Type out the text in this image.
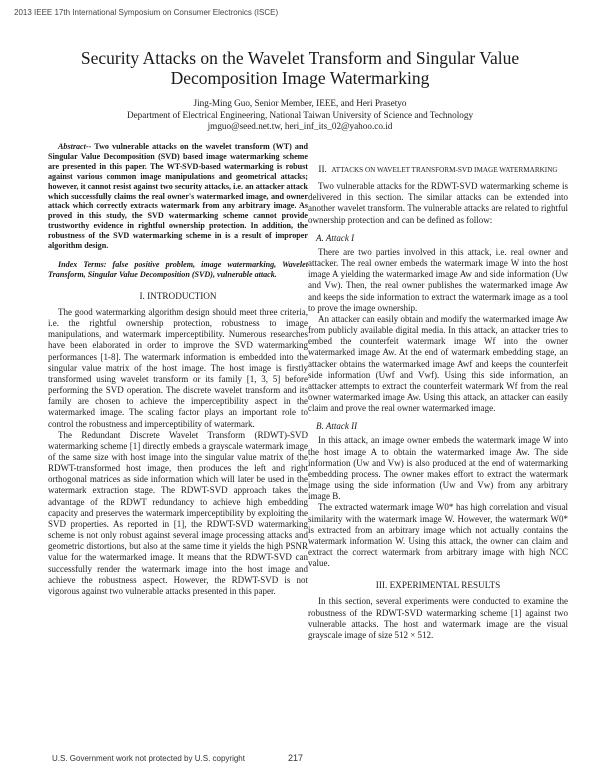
2013 IEEE 17th International Symposium on Consumer Electronics (ISCE)
Security Attacks on the Wavelet Transform and Singular Value
Decomposition Image Watermarking
Jing-Ming Guo, Senior Member, IEEE, and Heri Prasetyo
Department of Electrical Engineering, National Taiwan University of Science and Technology
jmguo@seed.net.tw, heri_inf_its_02@yahoo.co.id

Abstract-- Two vulnerable attacks on the wavelet transform (WT) and Singular Value Decomposition (SVD) based image watermarking scheme are presented in this paper. The WT-SVD-based watermarking is robust against various common image manipulations and geometrical attacks; however, it cannot resist against two security attacks, i.e. an attacker attack which successfully claims the real owner's watermarked image, and owner attack which correctly extracts watermark from any arbitrary image. As proved in this study, the SVD watermarking scheme cannot provide trustworthy evidence in rightful ownership protection. In addition, the robustness of the SVD watermarking scheme in is a result of improper algorithm design.

Index Terms: false positive problem, image watermarking, Wavelet Transform, Singular Value Decomposition (SVD), vulnerable attack.

I. INTRODUCTION

The good watermarking algorithm design should meet three criteria, i.e. the rightful ownership protection, robustness to image manipulations, and watermark imperceptibility. Numerous researches have been elaborated in order to improve the SVD watermarking performances [1-8]. The watermark information is embedded into the singular value matrix of the host image. The host image is firstly transformed using wavelet transform or its family [1, 3, 5] before performing the SVD operation. The discrete wavelet transform and its family are chosen to achieve the imperceptibility aspect in the watermarked image. The scaling factor plays an important role to control the robustness and imperceptibility of watermark.

The Redundant Discrete Wavelet Transform (RDWT)-SVD watermarking scheme [1] directly embeds a grayscale watermark image of the same size with host image into the singular value matrix of the RDWT-transformed host image, then produces the left and right orthogonal matrices as side information which will later be used in the watermark extraction stage. The RDWT-SVD approach takes the advantage of the RDWT redundancy to achieve high embedding capacity and preserves the watermark imperceptibility by exploiting the SVD properties. As reported in [1], the RDWT-SVD watermarking scheme is not only robust against several image processing attacks and geometric distortions, but also at the same time it yields the high PSNR value for the watermarked image. It means that the RDWT-SVD can successfully render the watermark image into the host image and achieve the robustness aspect. However, the RDWT-SVD is not vigorous against two vulnerable attacks presented in this paper.

II. ATTACKS ON WAVELET TRANSFORM-SVD IMAGE WATERMARKING

Two vulnerable attacks for the RDWT-SVD watermarking scheme is delivered in this section. The similar attacks can be extended into another wavelet transform. The vulnerable attacks are related to rightful ownership protection and can be defined as follow:

A. Attack I

There are two parties involved in this attack, i.e. real owner and attacker. The real owner embeds the watermark image W into the host image A yielding the watermarked image Aw and side information (Uw and Vw). Then, the real owner publishes the watermarked image Aw and keeps the side information to extract the watermark image as a tool to prove the image ownership.

An attacker can easily obtain and modify the watermarked image Aw from publicly available digital media. In this attack, an attacker tries to embed the counterfeit watermark image Wf into the owner watermarked image Aw. At the end of watermark embedding stage, an attacker obtains the watermarked image Awf and keeps the counterfeit side information (Uwf and Vwf). Using this side information, an attacker attempts to extract the counterfeit watermark Wf from the real owner watermarked image Aw. Using this attack, an attacker can easily claim and prove the real owner watermarked image.

B. Attack II

In this attack, an image owner embeds the watermark image W into the host image A to obtain the watermarked image Aw. The side information (Uw and Vw) is also produced at the end of watermarking embedding process. The owner makes effort to extract the watermark image using the side information (Uw and Vw) from any arbitrary image B.

The extracted watermark image W0* has high correlation and visual similarity with the watermark image W. However, the watermark W0* is extracted from an arbitrary image which not actually contains the watermark information W. Using this attack, the owner can claim and extract the correct watermark from arbitrary image with high NCC value.

III. EXPERIMENTAL RESULTS

In this section, several experiments were conducted to examine the robustness of the RDWT-SVD watermarking scheme [1] against two vulnerable attacks. The host and watermark image are the visual grayscale image of size 512 × 512.

U.S. Government work not protected by U.S. copyright	217
